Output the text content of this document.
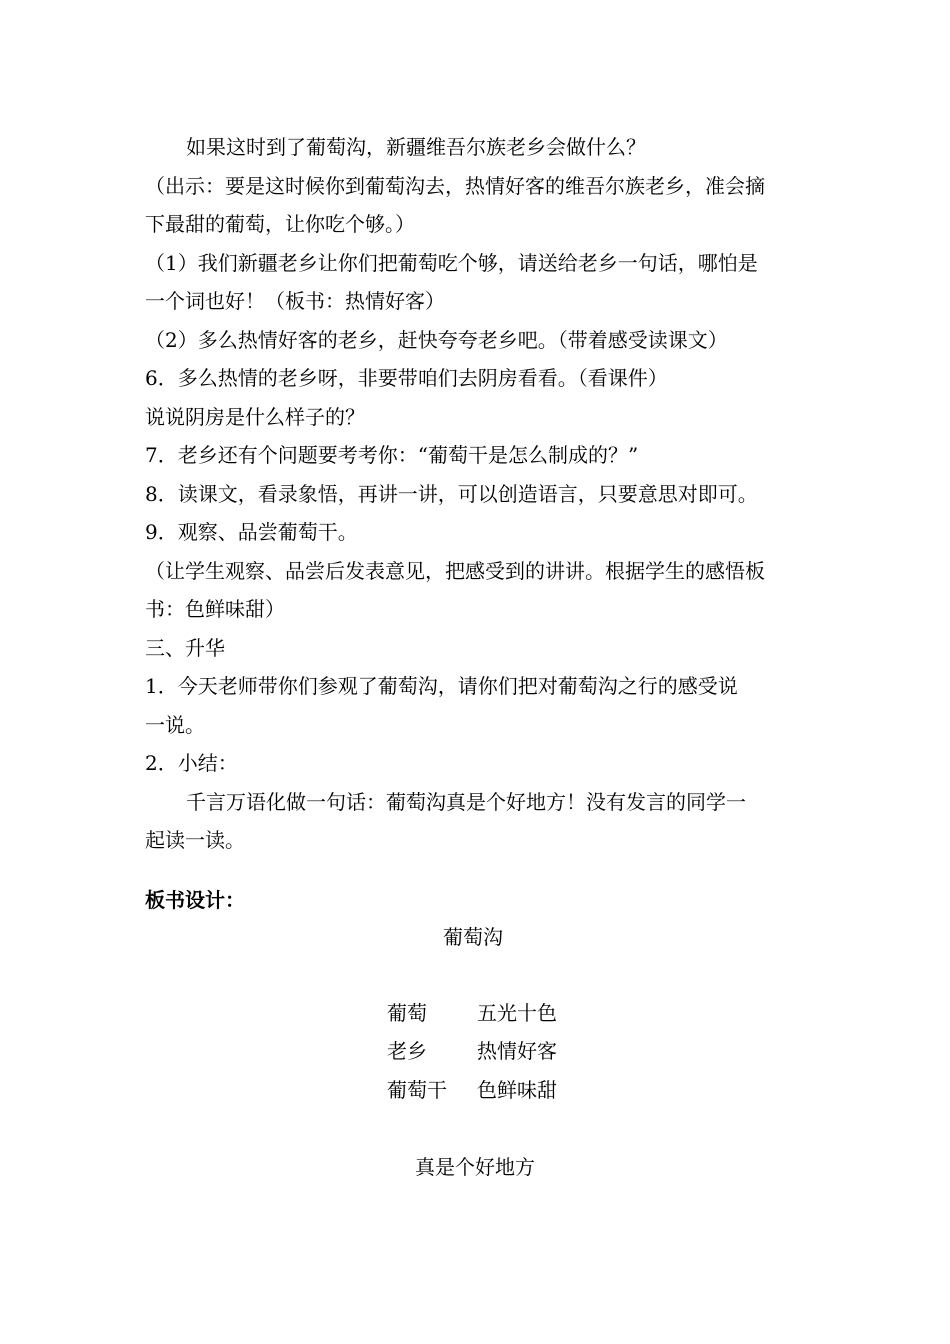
如果这时到了葡萄沟，新疆维吾尔族老乡会做什么？
（出示：要是这时候你到葡萄沟去，热情好客的维吾尔族老乡，准会摘
下最甜的葡萄，让你吃个够。）
（1）我们新疆老乡让你们把葡萄吃个够，请送给老乡一句话，哪怕是
一个词也好！（板书：热情好客）
（2）多么热情好客的老乡，赶快夸夸老乡吧。（带着感受读课文）
6．多么热情的老乡呀，非要带咱们去阴房看看。（看课件）
说说阴房是什么样子的？
7．老乡还有个问题要考考你：“葡萄干是怎么制成的？”
8．读课文，看录象悟，再讲一讲，可以创造语言，只要意思对即可。
9．观察、品尝葡萄干。
（让学生观察、品尝后发表意见，把感受到的讲讲。根据学生的感悟板
书：色鲜味甜）
三、升华
1．今天老师带你们参观了葡萄沟，请你们把对葡萄沟之行的感受说
一说。
2．小结：
千言万语化做一句话：葡萄沟真是个好地方！没有发言的同学一
起读一读。
板书设计：
葡萄沟
葡萄	五光十色
老乡	热情好客
葡萄干 色鲜味甜
真是个好地方
